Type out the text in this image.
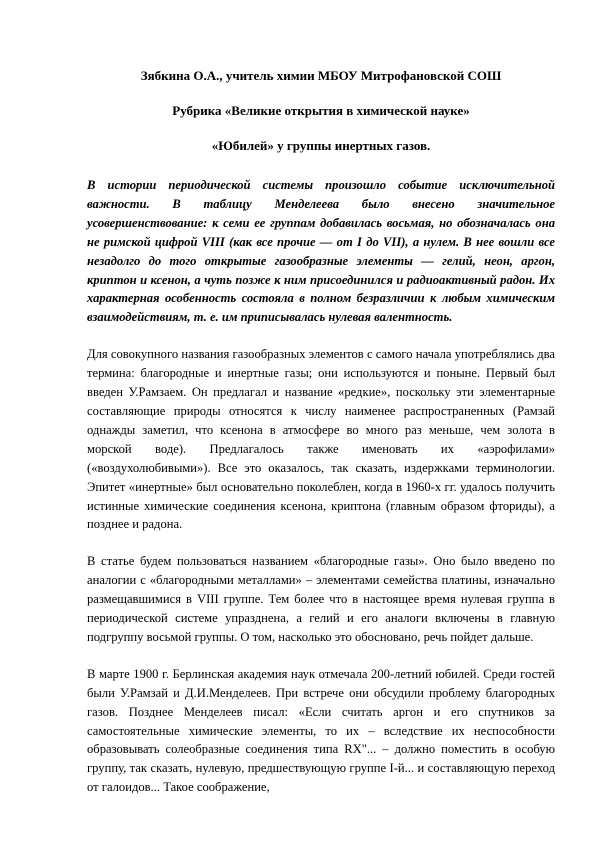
Зябкина О.А., учитель химии МБОУ Митрофановской СОШ

Рубрика «Великие открытия в химической науке»

«Юбилей» у группы инертных газов.

В истории периодической системы произошло событие исключительной важности. В таблицу Менделеева было внесено значительное усовершенствование: к семи ее группам добавилась восьмая, но обозначалась она не римской цифрой VIII (как все прочие — от I до VII), а нулем. В нее вошли все незадолго до того открытые газообразные элементы — гелий, неон, аргон, криптон и ксенон, а чуть позже к ним присоединился и радиоактивный радон. Их характерная особенность состояла в полном безразличии к любым химическим взаимодействиям, т. е. им приписывалась нулевая валентность.

Для совокупного названия газообразных элементов с самого начала употреблялись два термина: благородные и инертные газы; они используются и поныне. Первый был введен У.Рамзаем. Он предлагал и название «редкие», поскольку эти элементарные составляющие природы относятся к числу наименее распространенных (Рамзай однажды заметил, что ксенона в атмосфере во много раз меньше, чем золота в морской воде). Предлагалось также именовать их «аэрофилами» («воздухолюбивыми»). Все это оказалось, так сказать, издержками терминологии. Эпитет «инертные» был основательно поколеблен, когда в 1960-х гг. удалось получить истинные химические соединения ксенона, криптона (главным образом фториды), а позднее и радона.

В статье будем пользоваться названием «благородные газы». Оно было введено по аналогии с «благородными металлами» – элементами семейства платины, изначально размещавшимися в VIII группе. Тем более что в настоящее время нулевая группа в периодической системе упразднена, а гелий и его аналоги включены в главную подгруппу восьмой группы. О том, насколько это обосновано, речь пойдет дальше.

В марте 1900 г. Берлинская академия наук отмечала 200-летний юбилей. Среди гостей были У.Рамзай и Д.И.Менделеев. При встрече они обсудили проблему благородных газов. Позднее Менделеев писал: «Если считать аргон и его спутников за самостоятельные химические элементы, то их – вследствие их неспособности образовывать солеобразные соединения типа RX"... – должно поместить в особую группу, так сказать, нулевую, предшествующую группе I-й... и составляющую переход от галоидов... Такое соображение,
